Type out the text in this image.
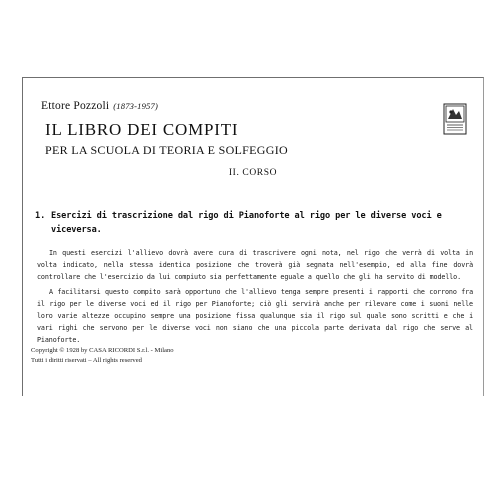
Ettore Pozzoli (1873-1957)
IL LIBRO DEI COMPITI
PER LA SCUOLA DI TEORIA E SOLFEGGIO
II. CORSO
1. Esercizi di trascrizione dal rigo di Pianoforte al rigo per le diverse voci e
viceversa.

In questi esercizi l'allievo dovrà avere cura di trascrivere ogni nota, nel rigo che verrà di volta in volta indicato, nella stessa identica posizione che troverà già segnata nell'esempio, ed alla fine dovrà controllare che l'esercizio da lui compiuto sia perfettamente eguale a quello che gli ha servito di modello.

A facilitarsi questo compito sarà opportuno che l'allievo tenga sempre presenti i rapporti che corrono fra il rigo per le diverse voci ed il rigo per Pianoforte; ciò gli servirà anche per rilevare come i suoni nelle loro varie altezze occupino sempre una posizione fissa qualunque sia il rigo sul quale sono scritti e che i vari righi che servono per le diverse voci non siano che una piccola parte derivata dal rigo che serve al Pianoforte.

Copyright © 1928 by CASA RICORDI S.r.l. - Milano
Tutti i diritti riservati – All rights reserved
